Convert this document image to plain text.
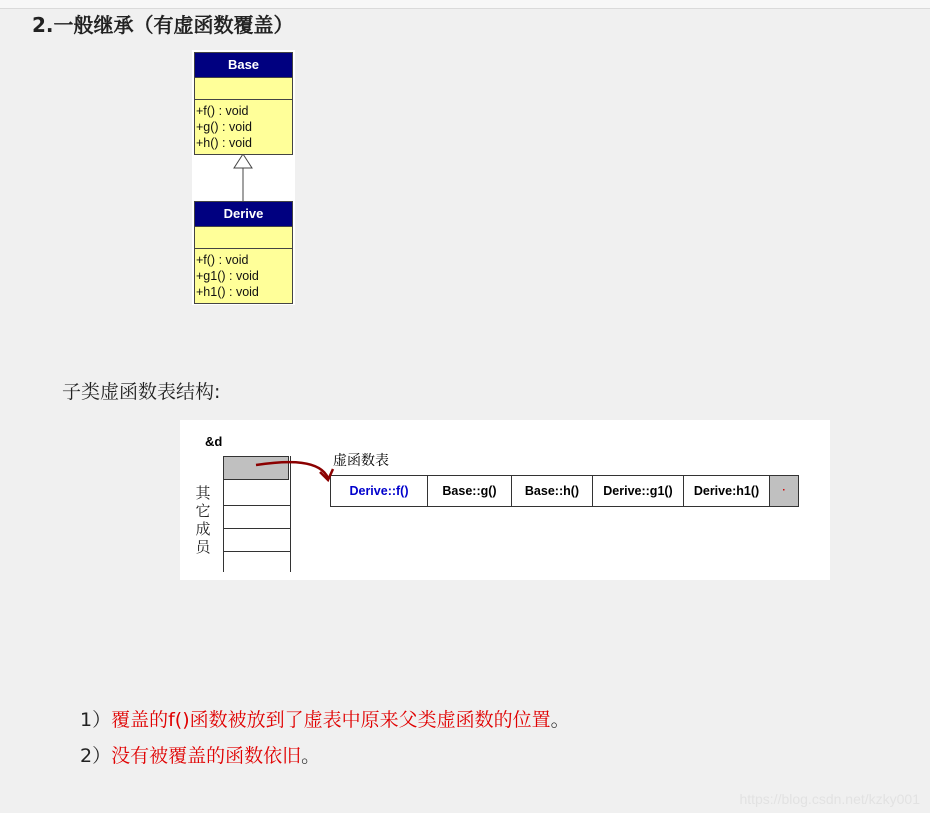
2.一般继承（有虚函数覆盖）
Base
+f() : void
+g() : void
+h() : void
Derive
+f() : void
+g1() : void
+h1() : void
子类虚函数表结构:
&d
其它成员
虚函数表
Derive::f()	Base::g()	Base::h()	Derive::g1()	Derive:h1()	·
1）覆盖的f()函数被放到了虚表中原来父类虚函数的位置。
2）没有被覆盖的函数依旧。
https://blog.csdn.net/kzky001
